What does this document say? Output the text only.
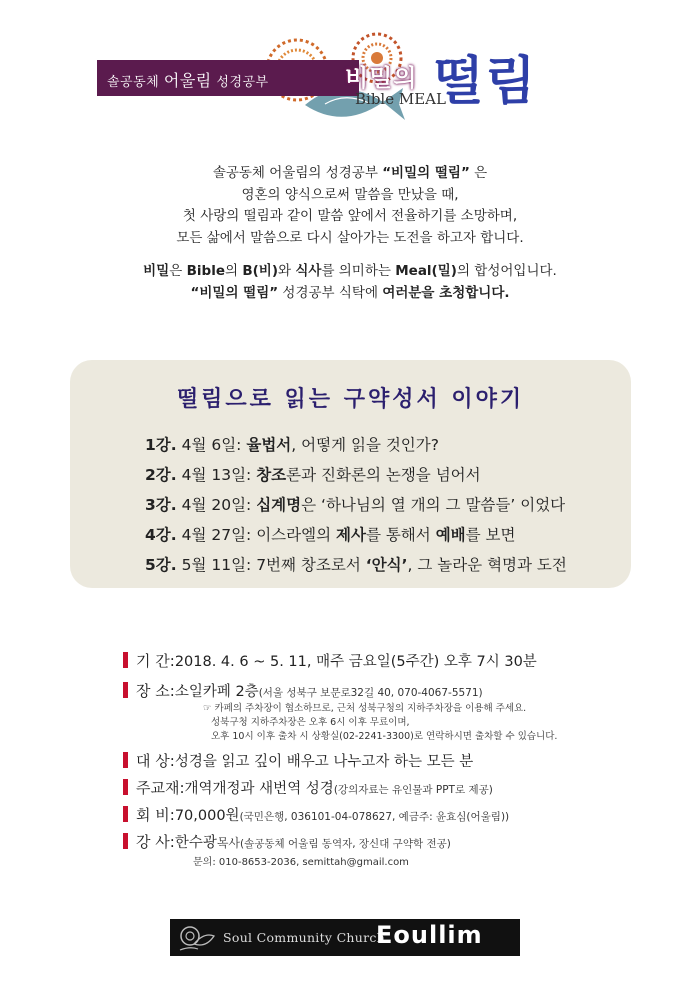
솔공동체 어울림 성경공부	비밀의
Bible MEAL
떨림
솔공동체 어울림의 성경공부 “비밀의 떨림” 은
영혼의 양식으로써 말씀을 만났을 때,
첫 사랑의 떨림과 같이 말씀 앞에서 전율하기를 소망하며,
모든 삶에서 말씀으로 다시 살아가는 도전을 하고자 합니다.
비밀은 Bible의 B(비)와 식사를 의미하는 Meal(밀)의 합성어입니다.
“비밀의 떨림” 성경공부 식탁에 여러분을 초청합니다.
떨림으로 읽는 구약성서 이야기
1강. 4월 6일: 율법서, 어떻게 읽을 것인가?
2강. 4월 13일: 창조론과 진화론의 논쟁을 넘어서
3강. 4월 20일: 십계명은 ‘하나님의 열 개의 그 말씀들’ 이었다
4강. 4월 27일: 이스라엘의 제사를 통해서 예배를 보면
5강. 5월 11일: 7번째 창조로서 ‘안식’, 그 놀라운 혁명과 도전
기 간: 2018. 4. 6 ~ 5. 11, 매주 금요일(5주간) 오후 7시 30분
장 소: 소일카페 2층 (서울 성북구 보문로32길 40, 070-4067-5571)
☞ 카페의 주차장이 협소하므로, 근처 성북구청의 지하주차장을 이용해 주세요.
성북구청 지하주차장은 오후 6시 이후 무료이며,
오후 10시 이후 출차 시 상황실(02-2241-3300)로 연락하시면 출차할 수 있습니다.
대 상: 성경을 읽고 깊이 배우고 나누고자 하는 모든 분
주교재: 개역개정과 새번역 성경 (강의자료는 유인물과 PPT로 제공)
회 비: 70,000원 (국민은행, 036101-04-078627, 예금주: 윤효심(어울림))
강 사: 한수광 목사 (솔공동체 어울림 동역자, 장신대 구약학 전공)
문의: 010-8653-2036, semittah@gmail.com
Soul Community Church
Eoullim
